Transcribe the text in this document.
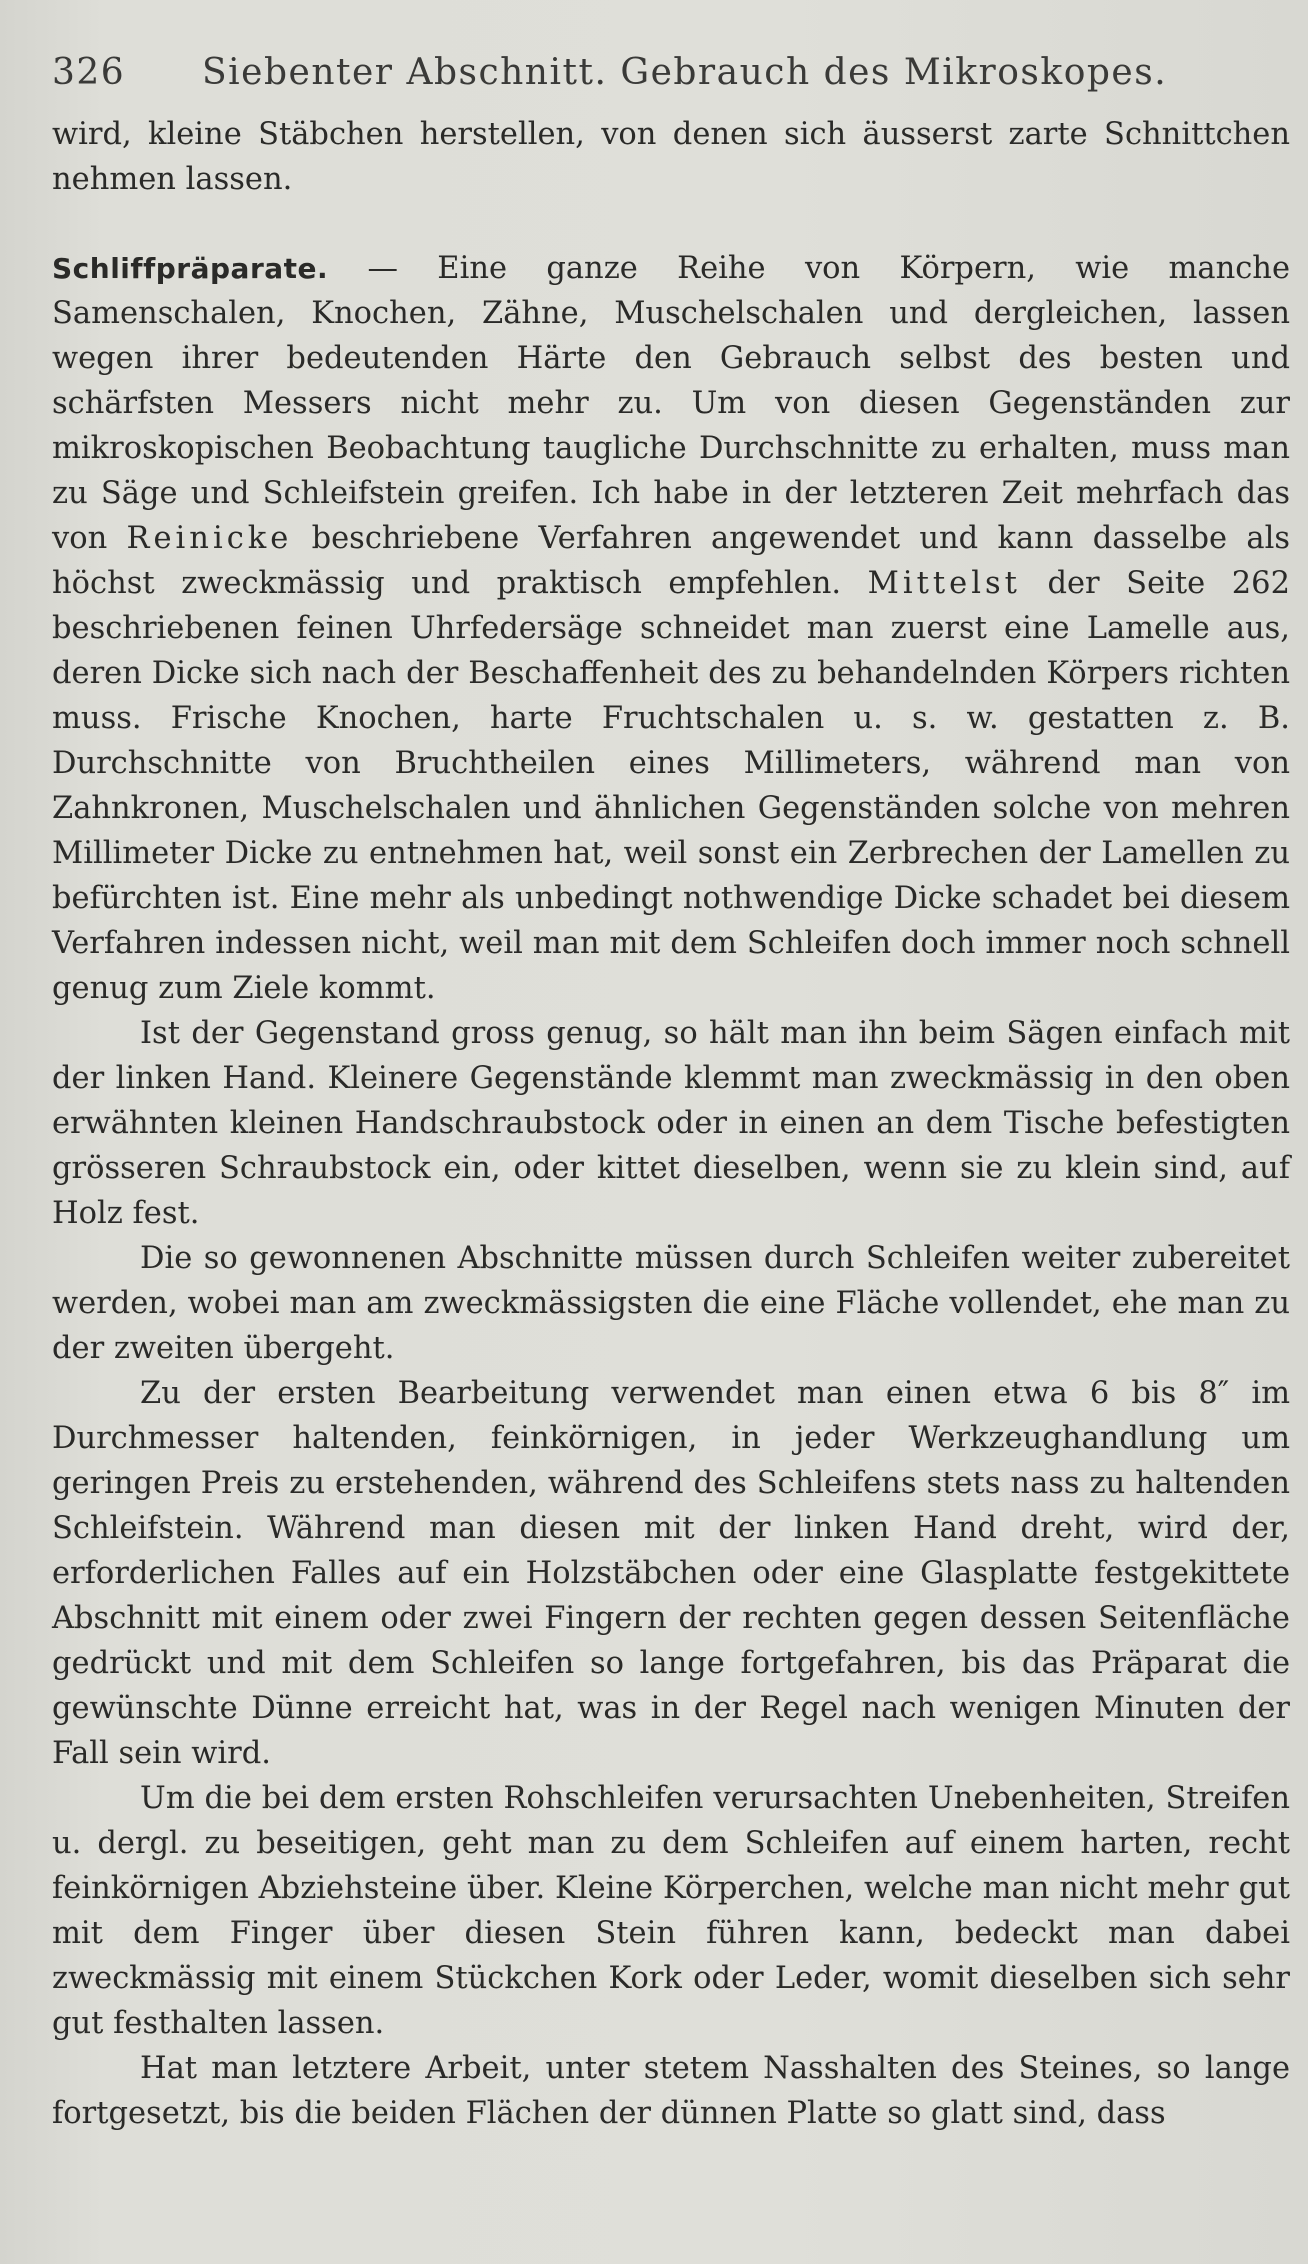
326	Siebenter Abschnitt. Gebrauch des Mikroskopes.

wird, kleine Stäbchen herstellen, von denen sich äusserst zarte Schnittchen nehmen lassen.

Schliffpräparate. — Eine ganze Reihe von Körpern, wie manche Samenschalen, Knochen, Zähne, Muschelschalen und dergleichen, lassen wegen ihrer bedeutenden Härte den Gebrauch selbst des besten und schärfsten Messers nicht mehr zu. Um von diesen Gegenständen zur mikroskopischen Beobachtung taugliche Durchschnitte zu erhalten, muss man zu Säge und Schleifstein greifen. Ich habe in der letzteren Zeit mehrfach das von Reinicke beschriebene Verfahren angewendet und kann dasselbe als höchst zweckmässig und praktisch empfehlen. Mittelst der Seite 262 beschriebenen feinen Uhrfedersäge schneidet man zuerst eine Lamelle aus, deren Dicke sich nach der Beschaffenheit des zu behandelnden Körpers richten muss. Frische Knochen, harte Fruchtschalen u. s. w. gestatten z. B. Durchschnitte von Bruchtheilen eines Millimeters, während man von Zahnkronen, Muschelschalen und ähnlichen Gegenständen solche von mehren Millimeter Dicke zu entnehmen hat, weil sonst ein Zerbrechen der Lamellen zu befürchten ist. Eine mehr als unbedingt nothwendige Dicke schadet bei diesem Verfahren indessen nicht, weil man mit dem Schleifen doch immer noch schnell genug zum Ziele kommt.

Ist der Gegenstand gross genug, so hält man ihn beim Sägen einfach mit der linken Hand. Kleinere Gegenstände klemmt man zweckmässig in den oben erwähnten kleinen Handschraubstock oder in einen an dem Tische befestigten grösseren Schraubstock ein, oder kittet dieselben, wenn sie zu klein sind, auf Holz fest.

Die so gewonnenen Abschnitte müssen durch Schleifen weiter zubereitet werden, wobei man am zweckmässigsten die eine Fläche vollendet, ehe man zu der zweiten übergeht.

Zu der ersten Bearbeitung verwendet man einen etwa 6 bis 8″ im Durchmesser haltenden, feinkörnigen, in jeder Werkzeughandlung um geringen Preis zu erstehenden, während des Schleifens stets nass zu haltenden Schleifstein. Während man diesen mit der linken Hand dreht, wird der, erforderlichen Falles auf ein Holzstäbchen oder eine Glasplatte festgekittete Abschnitt mit einem oder zwei Fingern der rechten gegen dessen Seitenfläche gedrückt und mit dem Schleifen so lange fortgefahren, bis das Präparat die gewünschte Dünne erreicht hat, was in der Regel nach wenigen Minuten der Fall sein wird.

Um die bei dem ersten Rohschleifen verursachten Unebenheiten, Streifen u. dergl. zu beseitigen, geht man zu dem Schleifen auf einem harten, recht feinkörnigen Abziehsteine über. Kleine Körperchen, welche man nicht mehr gut mit dem Finger über diesen Stein führen kann, bedeckt man dabei zweckmässig mit einem Stückchen Kork oder Leder, womit dieselben sich sehr gut festhalten lassen.

Hat man letztere Arbeit, unter stetem Nasshalten des Steines, so lange fortgesetzt, bis die beiden Flächen der dünnen Platte so glatt sind, dass
